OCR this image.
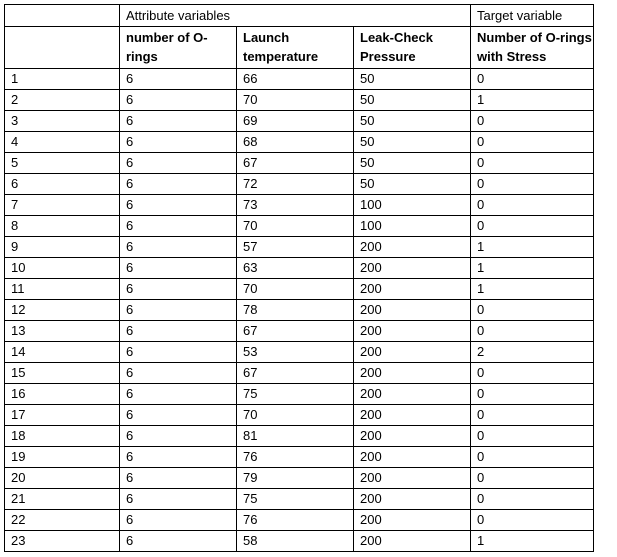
	Attribute variables			Target variable
	number of O-rings	Launch temperature	Leak-Check Pressure	Number of O-rings with Stress
1	6	66	50	0
2	6	70	50	1
3	6	69	50	0
4	6	68	50	0
5	6	67	50	0
6	6	72	50	0
7	6	73	100	0
8	6	70	100	0
9	6	57	200	1
10	6	63	200	1
11	6	70	200	1
12	6	78	200	0
13	6	67	200	0
14	6	53	200	2
15	6	67	200	0
16	6	75	200	0
17	6	70	200	0
18	6	81	200	0
19	6	76	200	0
20	6	79	200	0
21	6	75	200	0
22	6	76	200	0
23	6	58	200	1
